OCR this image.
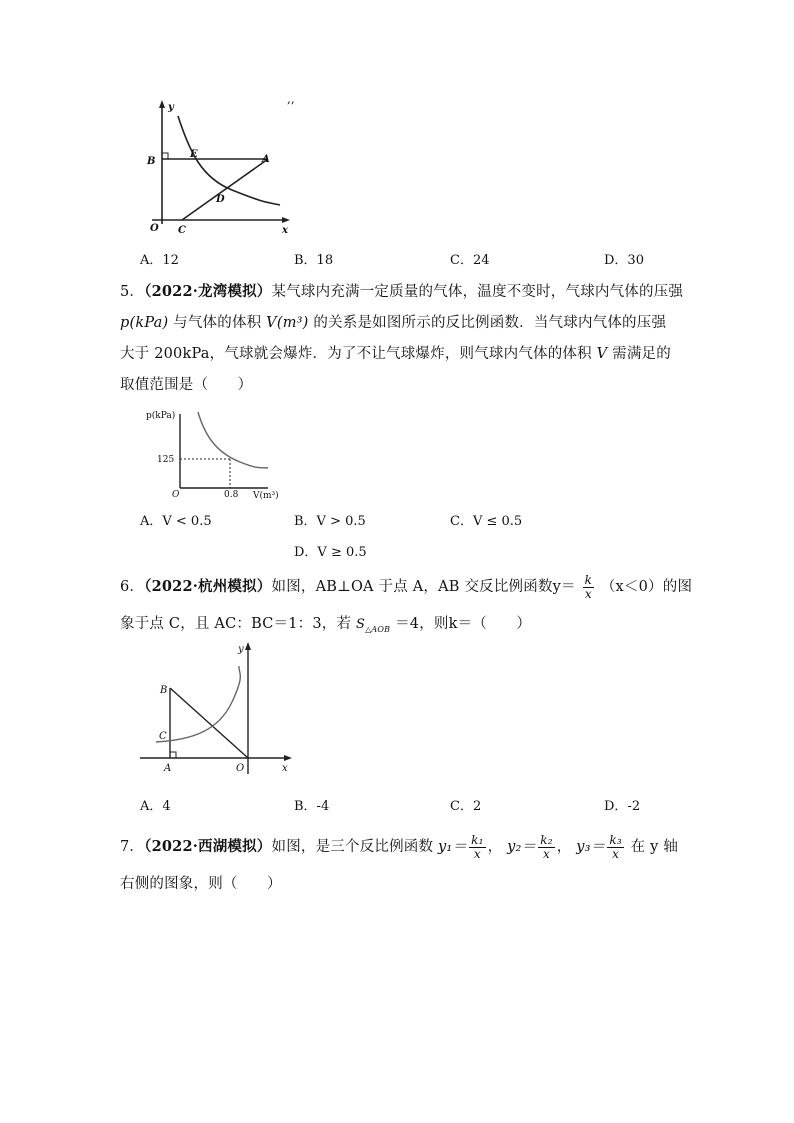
,,
y
x
O
B
E	A
D
C
A．12	B．18	C．24	D．30
5．（2022·龙湾模拟）某气球内充满一定质量的气体，温度不变时，气球内气体的压强
p(kPa) 与气体的体积 V(m³) 的关系是如图所示的反比例函数．当气球内气体的压强
大于 200kPa，气球就会爆炸．为了不让气球爆炸，则气球内气体的体积 V 需满足的
取值范围是（　　）
p(kPa)
V(m³)
O
125
0.8
A．V < 0.5	B．V > 0.5	C．V ≤ 0.5
D．V ≥ 0.5
6．（2022·杭州模拟）如图，AB⊥OA 于点 A，AB 交反比例函数$y= \frac{k}{x} (x<0)$的图
象于点 C，且 AC：BC＝1：3，若 $S_{\triangle AOB} =4$，则k＝（　　）
y
x
O
B
C
A
A．4	B．-4	C．2	D．-2
7．（2022·西湖模拟）如图，是三个反比例函数 $y_1= \frac{\text{k₁}}{x}$ ， $y_2= \frac{\text{k₂}}{x}$ ， $y_3= \frac{\text{k₃}}{x}$ 在 y 轴
右侧的图象，则（　　）
